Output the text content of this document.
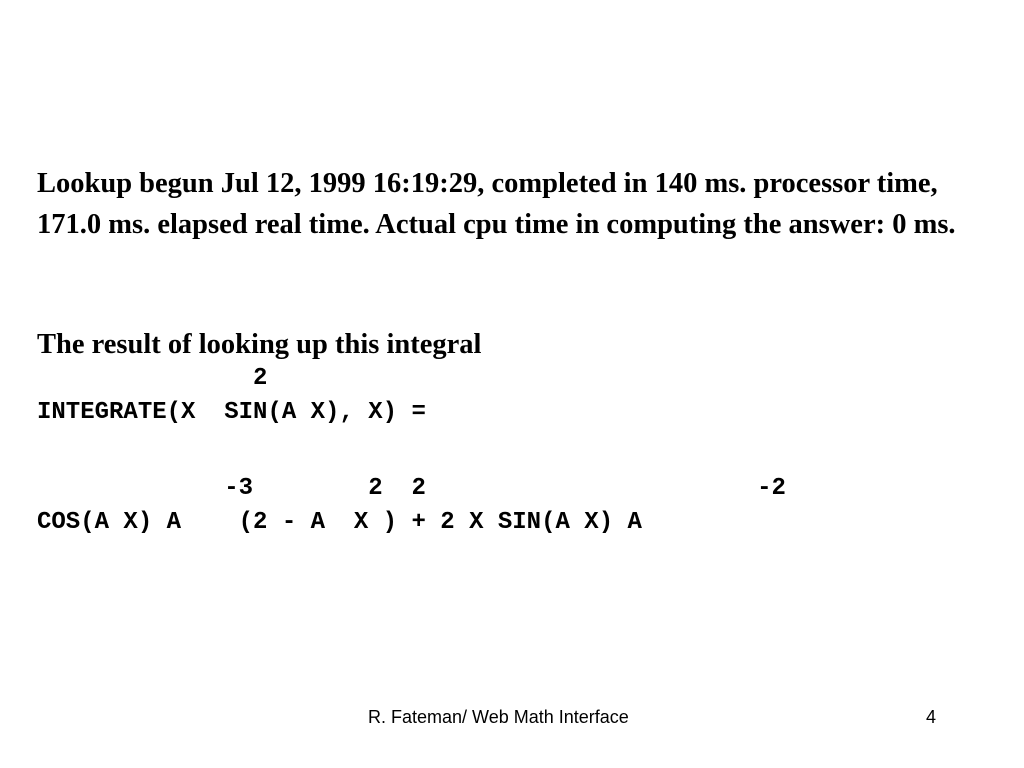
Lookup begun Jul 12, 1999 16:19:29, completed in 140 ms. processor time, 171.0 ms. elapsed real time. Actual cpu time in computing the answer: 0 ms.

The result of looking up this integral

2
INTEGRATE(X  SIN(A X), X) =
-3        2  2                       -2
COS(A X) A    (2 - A  X ) + 2 X SIN(A X) A
R. Fateman/ Web Math Interface	4
